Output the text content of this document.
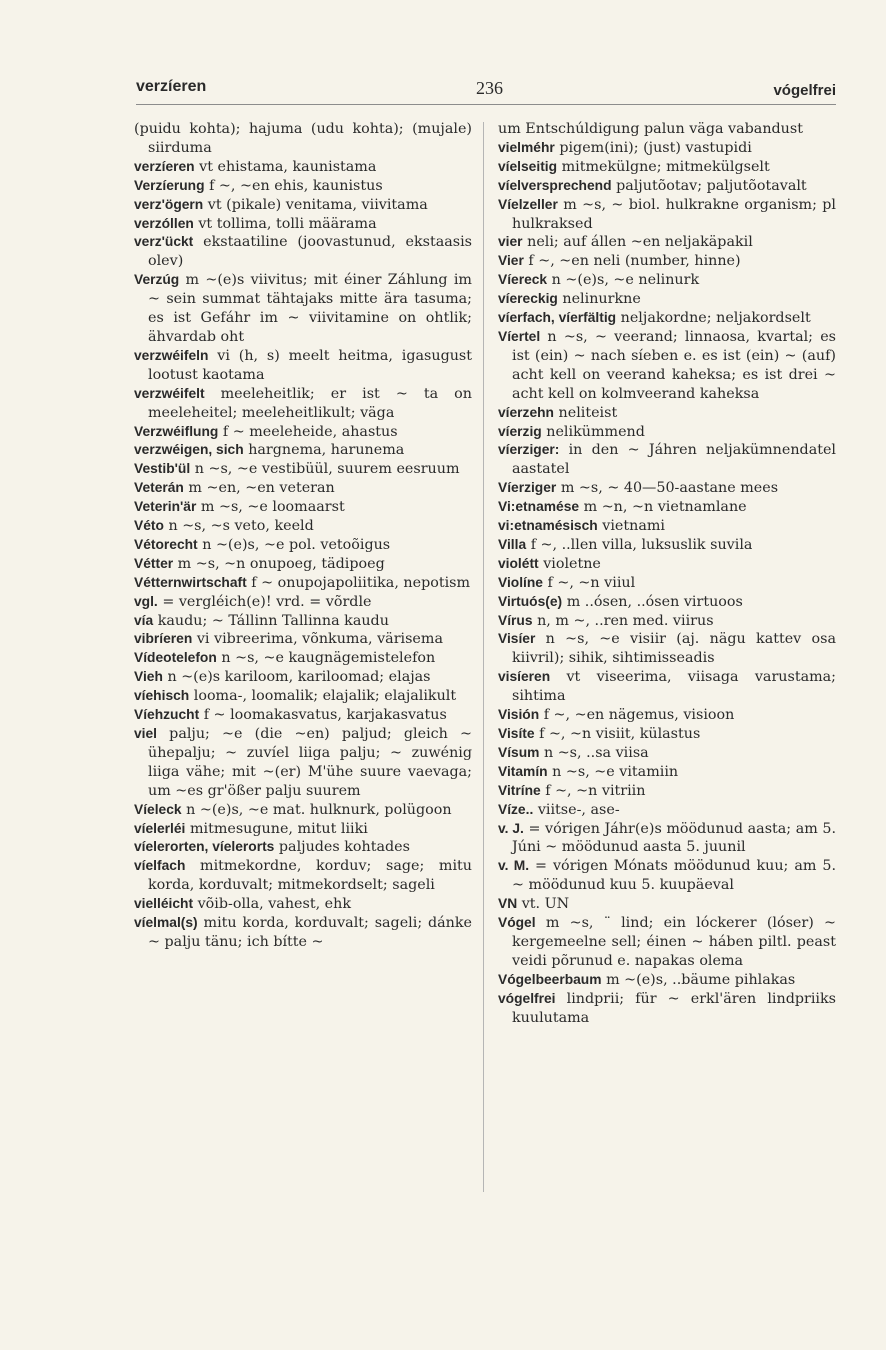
verzíeren	236	vógelfrei

(puidu kohta); hajuma (udu kohta); (mujale) siirduma

verzíeren vt ehistama, kaunistama

Verzíerung f ~, ~en ehis, kaunistus

verz'ögern vt (pikale) venitama, viivitama

verzóllen vt tollima, tolli määrama

verz'ückt ekstaatiline (joovastunud, ekstaasis olev)

Verzúg m ~(e)s viivitus; mit éiner Záhlung im ~ sein summat tähtajaks mitte ära tasuma; es ist Gefáhr im ~ viivitamine on ohtlik; ähvardab oht

verzwéifeln vi (h, s) meelt heitma, igasugust lootust kaotama

verzwéifelt meeleheitlik; er ist ~ ta on meeleheitel; meeleheitlikult; väga

Verzwéiflung f ~ meeleheide, ahastus

verzwéigen, sich hargnema, harunema

Vestib'ül n ~s, ~e vestibüül, suurem eesruum

Veterán m ~en, ~en veteran

Veterin'är m ~s, ~e loomaarst

Véto n ~s, ~s veto, keeld

Vétorecht n ~(e)s, ~e pol. vetoõigus

Vétter m ~s, ~n onupoeg, tädipoeg

Vétternwirtschaft f ~ onupojapoliitika, nepotism

vgl. = vergléich(e)! vrd. = võrdle

vía kaudu; ~ Tállinn Tallinna kaudu

vibríeren vi vibreerima, võnkuma, värisema

Vídeotelefon n ~s, ~e kaugnägemistelefon

Vieh n ~(e)s kariloom, kariloomad; elajas

víehisch looma-, loomalik; elajalik; elajalikult

Víehzucht f ~ loomakasvatus, karjakasvatus

viel palju; ~e (die ~en) paljud; gleich ~ ühepalju; ~ zuvíel liiga palju; ~ zuwénig liiga vähe; mit ~(er) M'ühe suure vaevaga; um ~es gr'ößer palju suurem

Víeleck n ~(e)s, ~e mat. hulknurk, polügoon

víelerléi mitmesugune, mitut liiki

víelerorten, víelerorts paljudes kohtades

víelfach mitmekordne, korduv; sage; mitu korda, korduvalt; mitmekordselt; sageli

vielléicht võib-olla, vahest, ehk

víelmal(s) mitu korda, korduvalt; sageli; dánke ~ palju tänu; ich bítte ~

um Entschúldigung palun väga vabandust

vielméhr pigem(ini); (just) vastupidi

víelseitig mitmekülgne; mitmekülgselt

víelversprechend paljutõotav; paljutõotavalt

Víelzeller m ~s, ~ biol. hulkrakne organism; pl hulkraksed

vier neli; auf állen ~en neljakäpakil

Vier f ~, ~en neli (number, hinne)

Víereck n ~(e)s, ~e nelinurk

víereckig nelinurkne

víerfach, víerfältig neljakordne; neljakordselt

Víertel n ~s, ~ veerand; linnaosa, kvartal; es ist (ein) ~ nach síeben e. es ist (ein) ~ (auf) acht kell on veerand kaheksa; es ist drei ~ acht kell on kolmveerand kaheksa

víerzehn neliteist

víerzig nelikümmend

víerziger: in den ~ Jáhren neljakümnendatel aastatel

Víerziger m ~s, ~ 40—50-aastane mees

Vi:etnamése m ~n, ~n vietnamlane

vi:etnamésisch vietnami

Villa f ~, ..llen villa, luksuslik suvila

violétt violetne

Violíne f ~, ~n viiul

Virtuós(e) m ..ósen, ..ósen virtuoos

Vírus n, m ~, ..ren med. viirus

Visíer n ~s, ~e visiir (aj. nägu kattev osa kiivril); sihik, sihtimisseadis

visíeren vt viseerima, viisaga varustama; sihtima

Visión f ~, ~en nägemus, visioon

Visíte f ~, ~n visiit, külastus

Vísum n ~s, ..sa viisa

Vitamín n ~s, ~e vitamiin

Vitríne f ~, ~n vitriin

Víze.. viitse-, ase-

v. J. = vórigen Jáhr(e)s möödunud aasta; am 5. Júni ~ möödunud aasta 5. juunil

v. M. = vórigen Mónats möödunud kuu; am 5. ~ möödunud kuu 5. kuupäeval

VN vt. UN

Vógel m ~s, ¨ lind; ein lóckerer (lóser) ~ kergemeelne sell; éinen ~ háben piltl. peast veidi põrunud e. napakas olema

Vógelbeerbaum m ~(e)s, ..bäume pihlakas

vógelfrei lindprii; für ~ erkl'ären lindpriiks kuulutama
